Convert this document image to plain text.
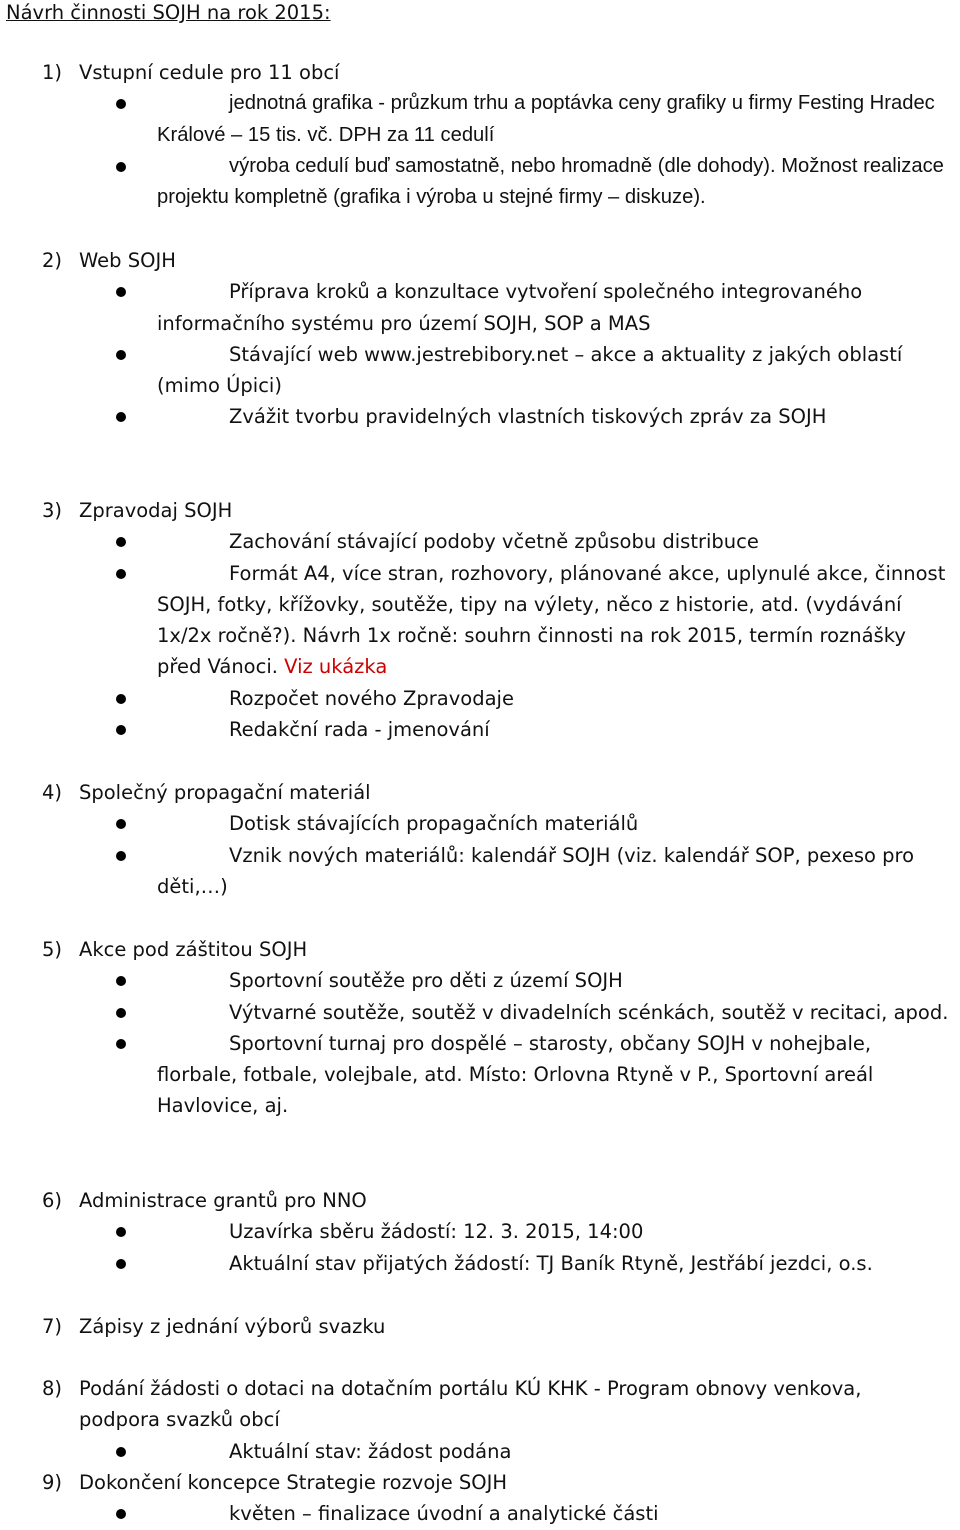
Návrh činnosti SOJH na rok 2015:
1) Vstupní cedule pro 11 obcí
jednotná grafika - průzkum trhu a poptávka ceny grafiky u firmy Festing Hradec Králové – 15 tis. vč. DPH za 11 cedulí
výroba cedulí buď samostatně, nebo hromadně (dle dohody). Možnost realizace projektu kompletně (grafika i výroba u stejné firmy – diskuze).
2) Web SOJH
Příprava kroků a konzultace vytvoření společného integrovaného informačního systému pro území SOJH, SOP a MAS
Stávající web www.jestrebibory.net – akce a aktuality z jakých oblastí (mimo Úpici)
Zvážit tvorbu pravidelných vlastních tiskových zpráv za SOJH
3) Zpravodaj SOJH
Zachování stávající podoby včetně způsobu distribuce
Formát A4, více stran, rozhovory, plánované akce, uplynulé akce, činnost SOJH, fotky, křížovky, soutěže, tipy na výlety, něco z historie, atd. (vydávání 1x/2x ročně?). Návrh 1x ročně: souhrn činnosti na rok 2015, termín roznášky před Vánoci. Viz ukázka
Rozpočet nového Zpravodaje
Redakční rada - jmenování
4) Společný propagační materiál
Dotisk stávajících propagačních materiálů
Vznik nových materiálů: kalendář SOJH (viz. kalendář SOP, pexeso pro děti,…)
5) Akce pod záštitou SOJH
Sportovní soutěže pro děti z území SOJH
Výtvarné soutěže, soutěž v divadelních scénkách, soutěž v recitaci, apod.
Sportovní turnaj pro dospělé – starosty, občany SOJH v nohejbale, florbale, fotbale, volejbale, atd. Místo: Orlovna Rtyně v P., Sportovní areál Havlovice, aj.
6) Administrace grantů pro NNO
Uzavírka sběru žádostí: 12. 3. 2015, 14:00
Aktuální stav přijatých žádostí: TJ Baník Rtyně, Jestřábí jezdci, o.s.
7) Zápisy z jednání výborů svazku
8) Podání žádosti o dotaci na dotačním portálu KÚ KHK - Program obnovy venkova, podpora svazků obcí
Aktuální stav: žádost podána
9) Dokončení koncepce Strategie rozvoje SOJH
květen – finalizace úvodní a analytické části
